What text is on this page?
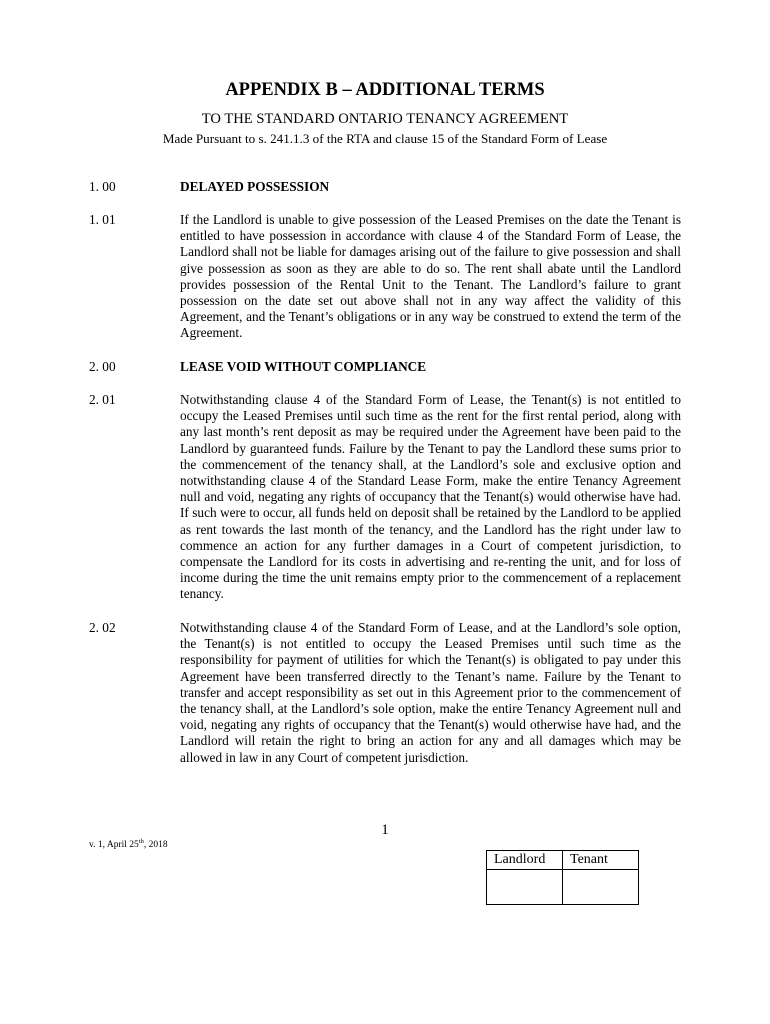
APPENDIX B – ADDITIONAL TERMS
TO THE STANDARD ONTARIO TENANCY AGREEMENT
Made Pursuant to s. 241.1.3 of the RTA and clause 15 of the Standard Form of Lease
1. 00	DELAYED POSSESSION
1. 01	If the Landlord is unable to give possession of the Leased Premises on the date the Tenant is entitled to have possession in accordance with clause 4 of the Standard Form of Lease, the Landlord shall not be liable for damages arising out of the failure to give possession and shall give possession as soon as they are able to do so. The rent shall abate until the Landlord provides possession of the Rental Unit to the Tenant. The Landlord’s failure to grant possession on the date set out above shall not in any way affect the validity of this Agreement, and the Tenant’s obligations or in any way be construed to extend the term of the Agreement.
2. 00	LEASE VOID WITHOUT COMPLIANCE
2. 01	Notwithstanding clause 4 of the Standard Form of Lease, the Tenant(s) is not entitled to occupy the Leased Premises until such time as the rent for the first rental period, along with any last month’s rent deposit as may be required under the Agreement have been paid to the Landlord by guaranteed funds. Failure by the Tenant to pay the Landlord these sums prior to the commencement of the tenancy shall, at the Landlord’s sole and exclusive option and notwithstanding clause 4 of the Standard Lease Form, make the entire Tenancy Agreement null and void, negating any rights of occupancy that the Tenant(s) would otherwise have had. If such were to occur, all funds held on deposit shall be retained by the Landlord to be applied as rent towards the last month of the tenancy, and the Landlord has the right under law to commence an action for any further damages in a Court of competent jurisdiction, to compensate the Landlord for its costs in advertising and re-renting the unit, and for loss of income during the time the unit remains empty prior to the commencement of a replacement tenancy.
2. 02	Notwithstanding clause 4 of the Standard Form of Lease, and at the Landlord’s sole option, the Tenant(s) is not entitled to occupy the Leased Premises until such time as the responsibility for payment of utilities for which the Tenant(s) is obligated to pay under this Agreement have been transferred directly to the Tenant’s name. Failure by the Tenant to transfer and accept responsibility as set out in this Agreement prior to the commencement of the tenancy shall, at the Landlord’s sole option, make the entire Tenancy Agreement null and void, negating any rights of occupancy that the Tenant(s) would otherwise have had, and the Landlord will retain the right to bring an action for any and all damages which may be allowed in law in any Court of competent jurisdiction.
1
v. 1, April 25th, 2018
Landlord	Tenant
